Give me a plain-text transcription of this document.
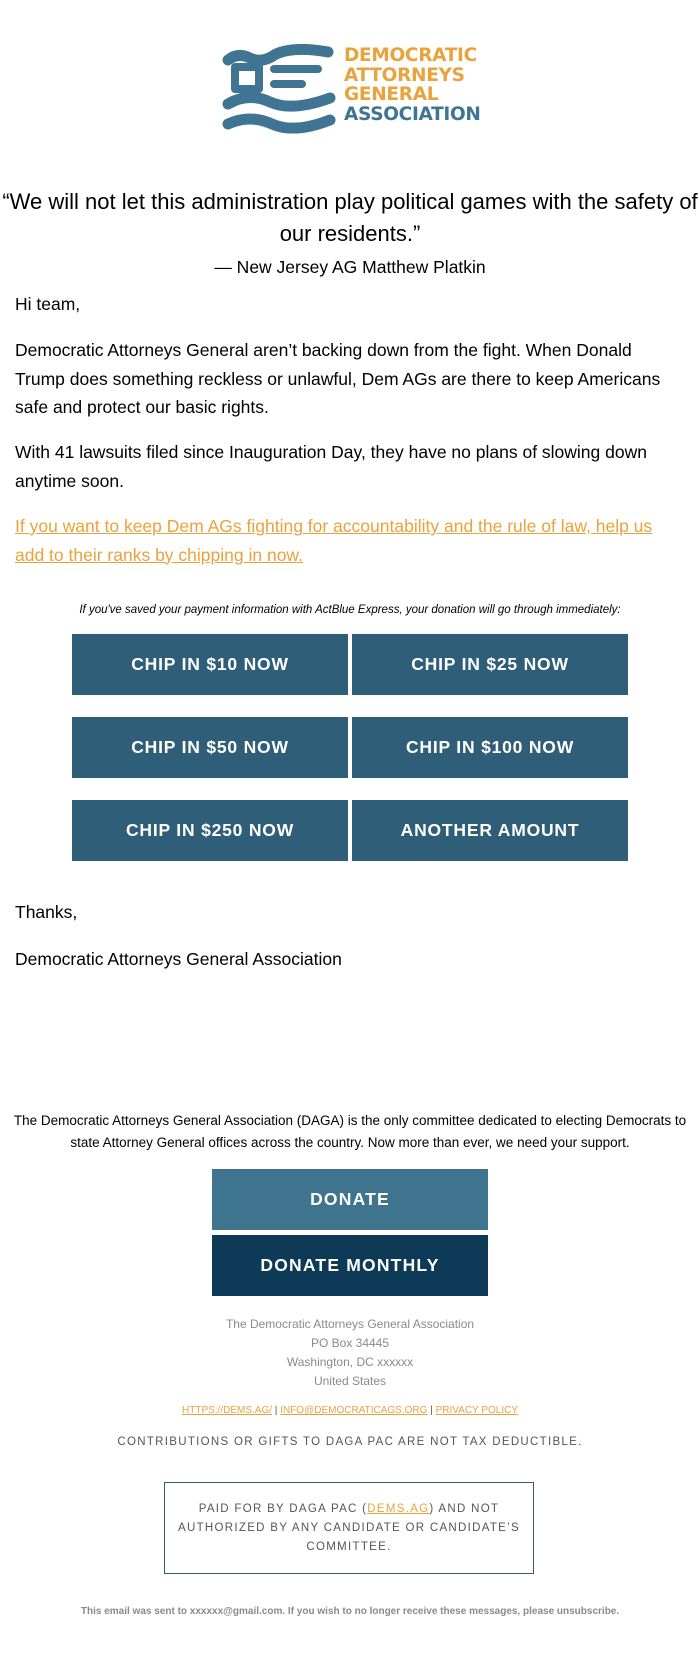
DEMOCRATIC
ATTORNEYS
GENERAL
ASSOCIATION
“We will not let this administration play political games with the safety of our residents.”
— New Jersey AG Matthew Platkin
Hi team,
Democratic Attorneys General aren’t backing down from the fight. When Donald Trump does something reckless or unlawful, Dem AGs are there to keep Americans safe and protect our basic rights.
With 41 lawsuits filed since Inauguration Day, they have no plans of slowing down anytime soon.
If you want to keep Dem AGs fighting for accountability and the rule of law, help us add to their ranks by chipping in now.
If you've saved your payment information with ActBlue Express, your donation will go through immediately:
CHIP IN $10 NOW	CHIP IN $25 NOW
CHIP IN $50 NOW	CHIP IN $100 NOW
CHIP IN $250 NOW	ANOTHER AMOUNT
Thanks,
Democratic Attorneys General Association
The Democratic Attorneys General Association (DAGA) is the only committee dedicated to electing Democrats to state Attorney General offices across the country. Now more than ever, we need your support.
DONATE
DONATE MONTHLY
The Democratic Attorneys General Association
PO Box 34445
Washington, DC xxxxxx
United States
HTTPS://DEMS.AG/ | INFO@DEMOCRATICAGS.ORG | PRIVACY POLICY
CONTRIBUTIONS OR GIFTS TO DAGA PAC ARE NOT TAX DEDUCTIBLE.
PAID FOR BY DAGA PAC (DEMS.AG) AND NOT AUTHORIZED BY ANY CANDIDATE OR CANDIDATE’S COMMITTEE.
This email was sent to xxxxxx@gmail.com. If you wish to no longer receive these messages, please unsubscribe.
